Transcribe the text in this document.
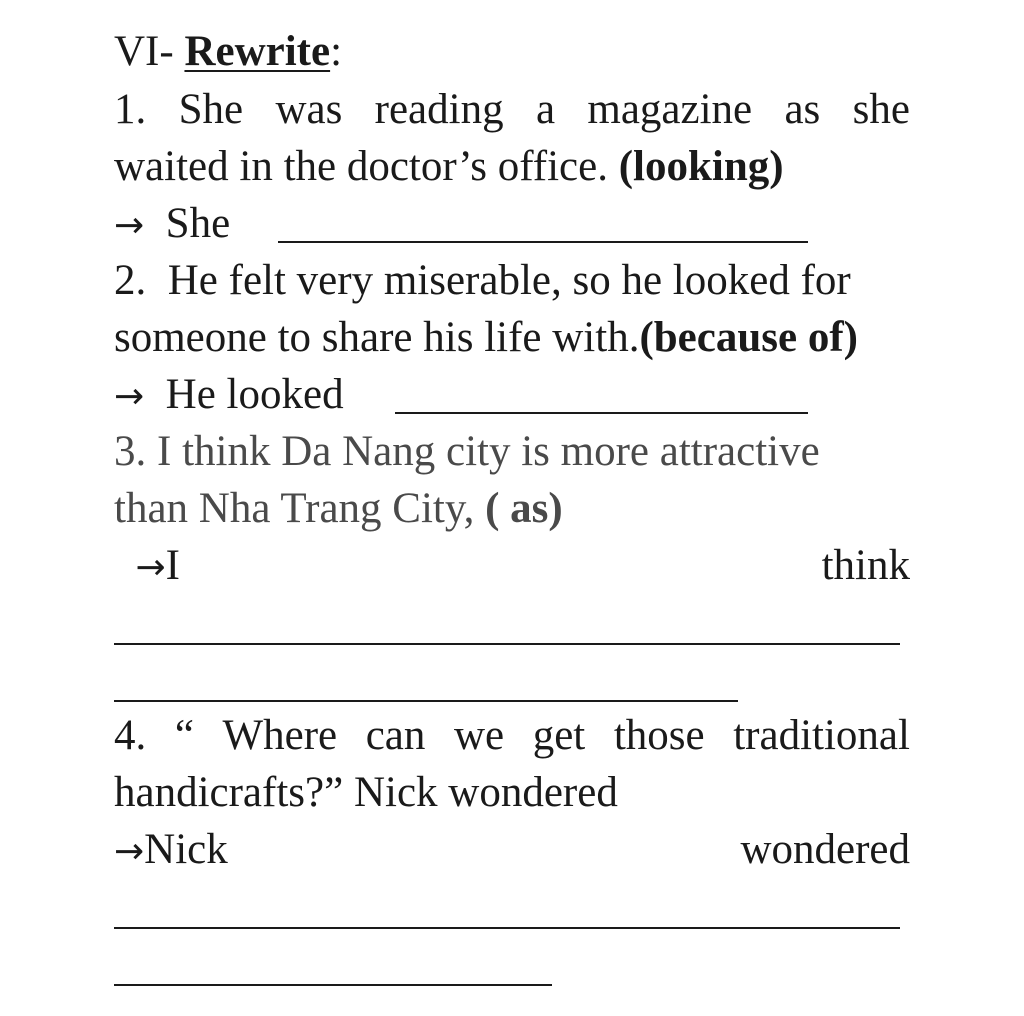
VI- Rewrite:
1. She was reading a magazine as she
waited in the doctor’s office. (looking)
→ She
2. He felt very miserable, so he looked for
someone to share his life with.(because of)
→ He looked
3. I think Da Nang city is more attractive
than Nha Trang City, ( as)
→I	think
4. “ Where can we get those traditional
handicrafts?” Nick wondered
→Nick	wondered
